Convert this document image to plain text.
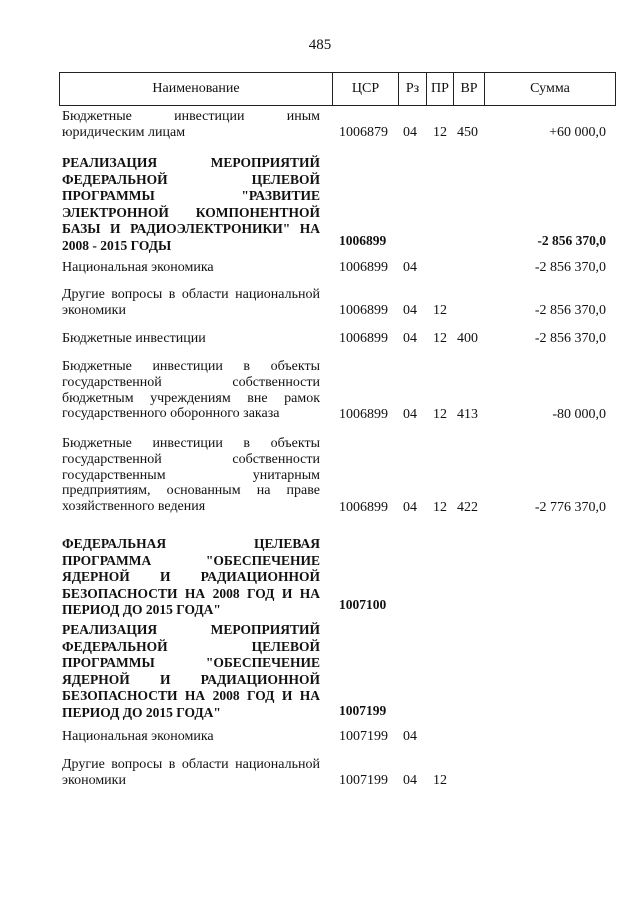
485
Наименование	ЦСР	Рз ПР ВР	Сумма
Бюджетные инвестиции иным юридическим лицам	1006879 04 12 450	+60 000,0
РЕАЛИЗАЦИЯ МЕРОПРИЯТИЙ ФЕДЕРАЛЬНОЙ ЦЕЛЕВОЙ ПРОГРАММЫ "РАЗВИТИЕ ЭЛЕКТРОННОЙ КОМПОНЕНТНОЙ БАЗЫ И РАДИОЭЛЕКТРОНИКИ" НА 2008 - 2015 ГОДЫ	1006899	-2 856 370,0
Национальная экономика	1006899 04	-2 856 370,0
Другие вопросы в области национальной экономики	1006899 04 12	-2 856 370,0
Бюджетные инвестиции	1006899 04 12 400	-2 856 370,0
Бюджетные инвестиции в объекты государственной собственности бюджетным учреждениям вне рамок государственного оборонного заказа	1006899 04 12 413	-80 000,0
Бюджетные инвестиции в объекты государственной собственности государственным унитарным предприятиям, основанным на праве хозяйственного ведения	1006899 04 12 422	-2 776 370,0
ФЕДЕРАЛЬНАЯ ЦЕЛЕВАЯ ПРОГРАММА "ОБЕСПЕЧЕНИЕ ЯДЕРНОЙ И РАДИАЦИОННОЙ БЕЗОПАСНОСТИ НА 2008 ГОД И НА ПЕРИОД ДО 2015 ГОДА"	1007100
РЕАЛИЗАЦИЯ МЕРОПРИЯТИЙ ФЕДЕРАЛЬНОЙ ЦЕЛЕВОЙ ПРОГРАММЫ "ОБЕСПЕЧЕНИЕ ЯДЕРНОЙ И РАДИАЦИОННОЙ БЕЗОПАСНОСТИ НА 2008 ГОД И НА ПЕРИОД ДО 2015 ГОДА"	1007199
Национальная экономика	1007199 04
Другие вопросы в области национальной экономики	1007199 04 12
